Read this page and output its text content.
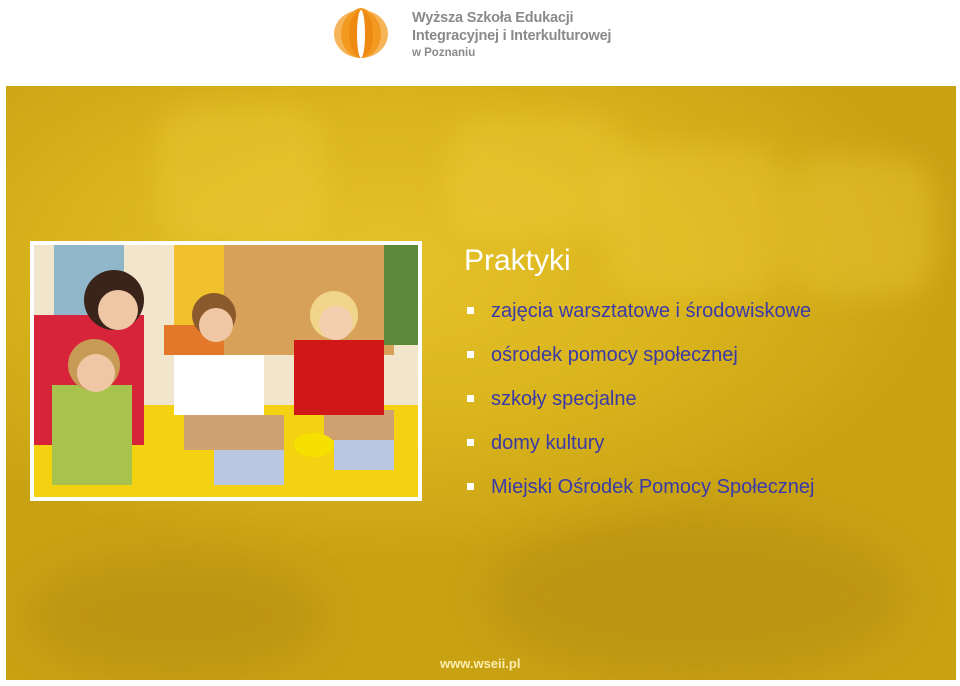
Wyższa Szkoła Edukacji
Integracyjnej i Interkulturowej
w Poznaniu
Praktyki
zajęcia warsztatowe i środowiskowe
ośrodek pomocy społecznej
szkoły specjalne
domy kultury
Miejski Ośrodek Pomocy Społecznej
www.wseii.pl
